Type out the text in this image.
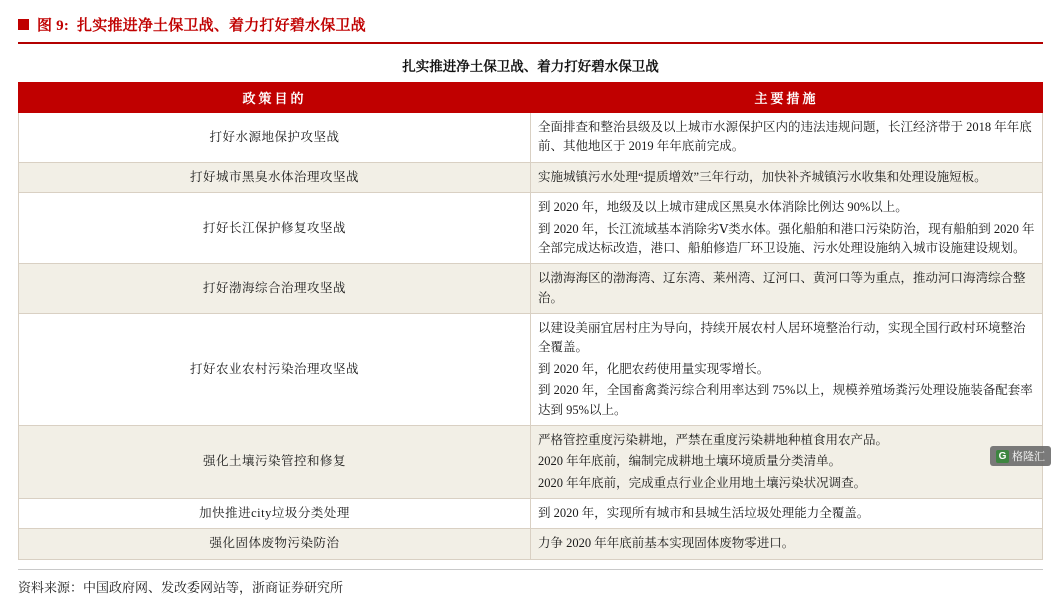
图 9: 扎实推进净土保卫战、着力打好碧水保卫战
扎实推进净土保卫战、着力打好碧水保卫战
政策目的	主要措施
打好水源地保护攻坚战	全面排查和整治县级及以上城市水源保护区内的违法违规问题，长江经济带于 2018 年年底前、其他地区于 2019 年年底前完成。

打好城市黑臭水体治理攻坚战	实施城镇污水处理“提质增效”三年行动，加快补齐城镇污水收集和处理设施短板。

打好长江保护修复攻坚战	到 2020 年，地级及以上城市建成区黑臭水体消除比例达 90%以上。

到 2020 年，长江流域基本消除劣Ⅴ类水体。强化船舶和港口污染防治，现有船舶到 2020 年全部完成达标改造，港口、船舶修造厂环卫设施、污水处理设施纳入城市设施建设规划。

打好渤海综合治理攻坚战	以渤海海区的渤海湾、辽东湾、莱州湾、辽河口、黄河口等为重点，推动河口海湾综合整治。

打好农业农村污染治理攻坚战	以建设美丽宜居村庄为导向，持续开展农村人居环境整治行动，实现全国行政村环境整治全覆盖。

到 2020 年，化肥农药使用量实现零增长。

到 2020 年，全国畜禽粪污综合利用率达到 75%以上，规模养殖场粪污处理设施装备配套率达到 95%以上。

强化土壤污染管控和修复	严格管控重度污染耕地，严禁在重度污染耕地种植食用农产品。

2020 年年底前，编制完成耕地土壤环境质量分类清单。

2020 年年底前，完成重点行业企业用地土壤污染状况调查。

加快推进city垃圾分类处理	到 2020 年，实现所有城市和县城生活垃圾处理能力全覆盖。

强化固体废物污染防治	力争 2020 年年底前基本实现固体废物零进口。

资料来源：中国政府网、发改委网站等，浙商证券研究所
G 格隆汇
